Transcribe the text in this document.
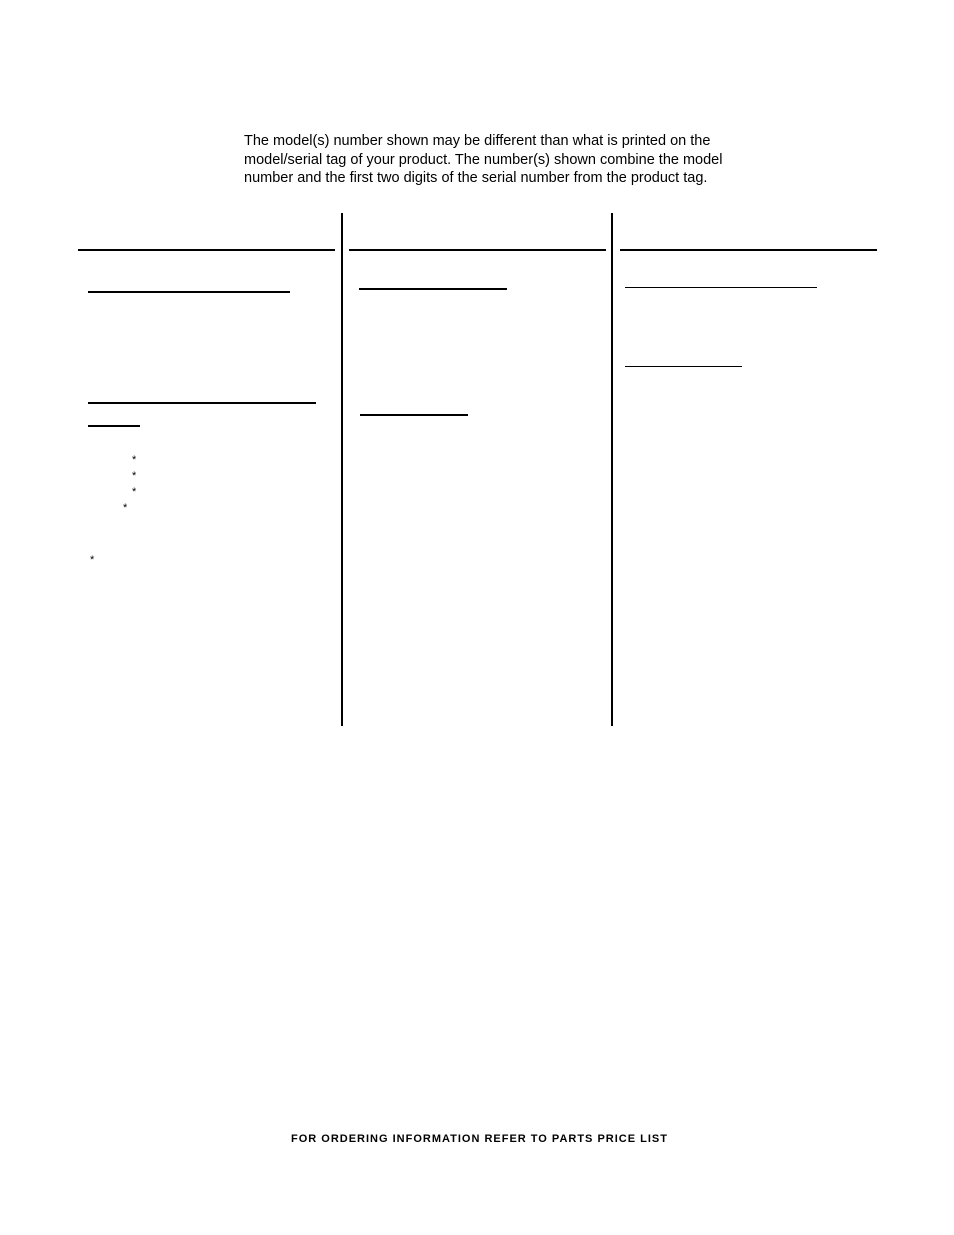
The model(s) number shown may be different than what is printed on the
model/serial tag of your product. The number(s) shown combine the model
number and the first two digits of the serial number from the product tag.
*
*
*
*
*
FOR ORDERING INFORMATION REFER TO PARTS PRICE LIST
